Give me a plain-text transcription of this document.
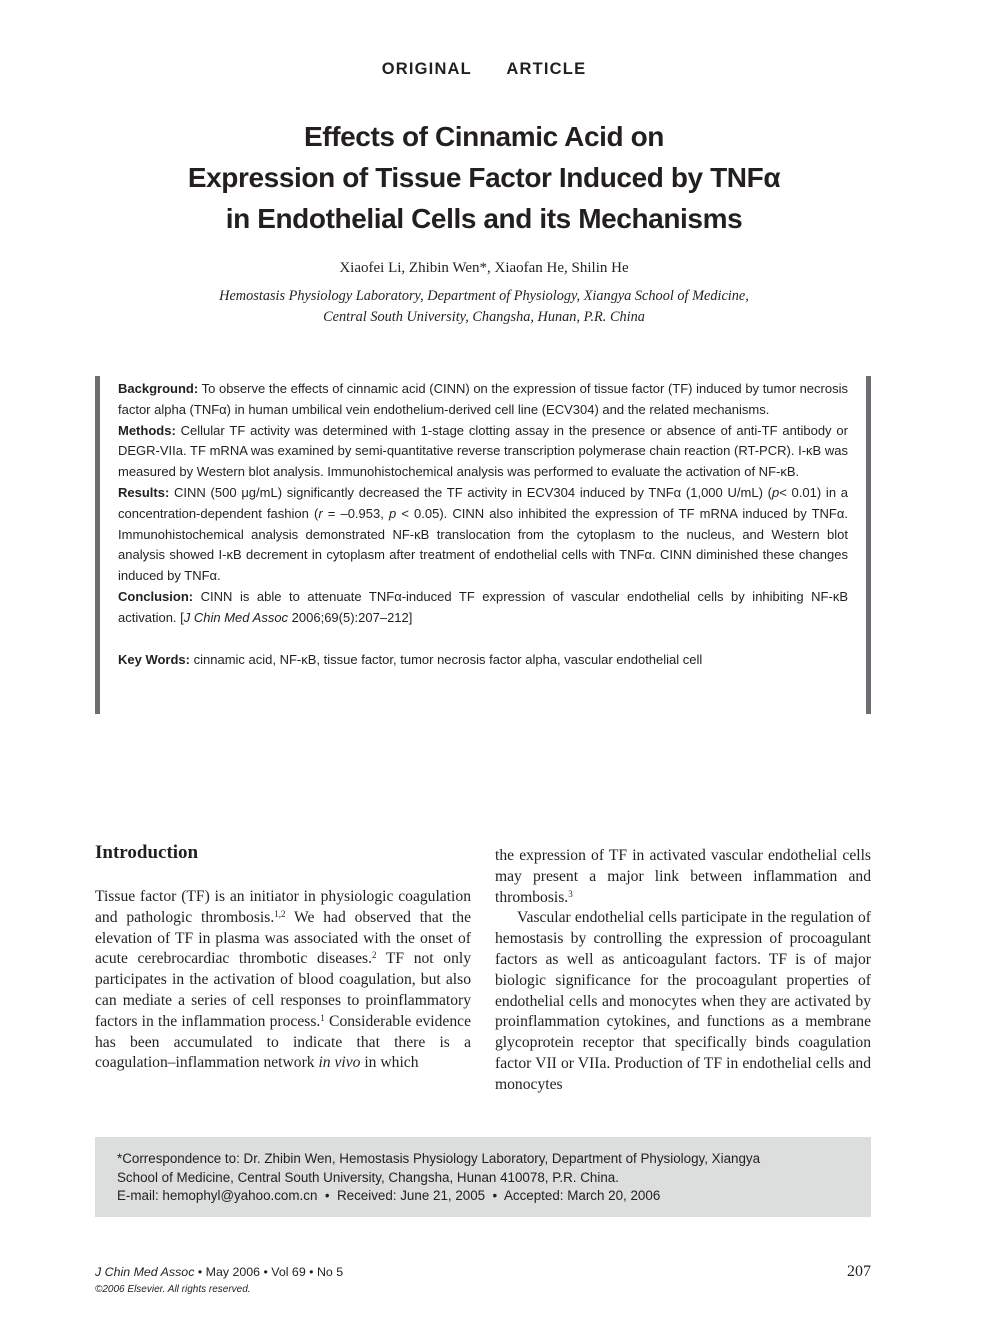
ORIGINAL   ARTICLE
Effects of Cinnamic Acid on
Expression of Tissue Factor Induced by TNFα
in Endothelial Cells and its Mechanisms
Xiaofei Li, Zhibin Wen*, Xiaofan He, Shilin He
Hemostasis Physiology Laboratory, Department of Physiology, Xiangya School of Medicine,
Central South University, Changsha, Hunan, P.R. China

Background: To observe the effects of cinnamic acid (CINN) on the expression of tissue factor (TF) induced by tumor necrosis factor alpha (TNFα) in human umbilical vein endothelium-derived cell line (ECV304) and the related mechanisms.

Methods: Cellular TF activity was determined with 1-stage clotting assay in the presence or absence of anti-TF antibody or DEGR-VIIa. TF mRNA was examined by semi-quantitative reverse transcription polymerase chain reaction (RT-PCR). I-κB was measured by Western blot analysis. Immunohistochemical analysis was performed to evaluate the activation of NF-κB.

Results: CINN (500 μg/mL) significantly decreased the TF activity in ECV304 induced by TNFα (1,000 U/mL) (p< 0.01) in a concentration-dependent fashion (r = –0.953, p < 0.05). CINN also inhibited the expression of TF mRNA induced by TNFα. Immunohistochemical analysis demonstrated NF-κB translocation from the cytoplasm to the nucleus, and Western blot analysis showed I-κB decrement in cytoplasm after treatment of endothelial cells with TNFα. CINN diminished these changes induced by TNFα.

Conclusion: CINN is able to attenuate TNFα-induced TF expression of vascular endothelial cells by inhibiting NF-κB activation. [J Chin Med Assoc 2006;69(5):207–212]

Key Words: cinnamic acid, NF-κB, tissue factor, tumor necrosis factor alpha, vascular endothelial cell

Introduction

Tissue factor (TF) is an initiator in physiologic coagulation and pathologic thrombosis.$^{1,2}$ We had observed that the elevation of TF in plasma was associated with the onset of acute cerebrocardiac thrombotic diseases.$^2$ TF not only participates in the activation of blood coagulation, but also can mediate a series of cell responses to proinflammatory factors in the inflammation process.$^1$ Considerable evidence has been accumulated to indicate that there is a coagulation–inflammation network in vivo in which

the expression of TF in activated vascular endothelial cells may present a major link between inflammation and thrombosis.$^3$

Vascular endothelial cells participate in the regulation of hemostasis by controlling the expression of procoagulant factors as well as anticoagulant factors. TF is of major biologic significance for the procoagulant properties of endothelial cells and monocytes when they are activated by proinflammation cytokines, and functions as a membrane glycoprotein receptor that specifically binds coagulation factor VII or VIIa. Production of TF in endothelial cells and monocytes

*Correspondence to: Dr. Zhibin Wen, Hemostasis Physiology Laboratory, Department of Physiology, Xiangya

School of Medicine, Central South University, Changsha, Hunan 410078, P.R. China.

E-mail: hemophyl@yahoo.com.cn  •  Received: June 21, 2005  •  Accepted: March 20, 2006

J Chin Med Assoc • May 2006 • Vol 69 • No 5
©2006 Elsevier. All rights reserved.
207
